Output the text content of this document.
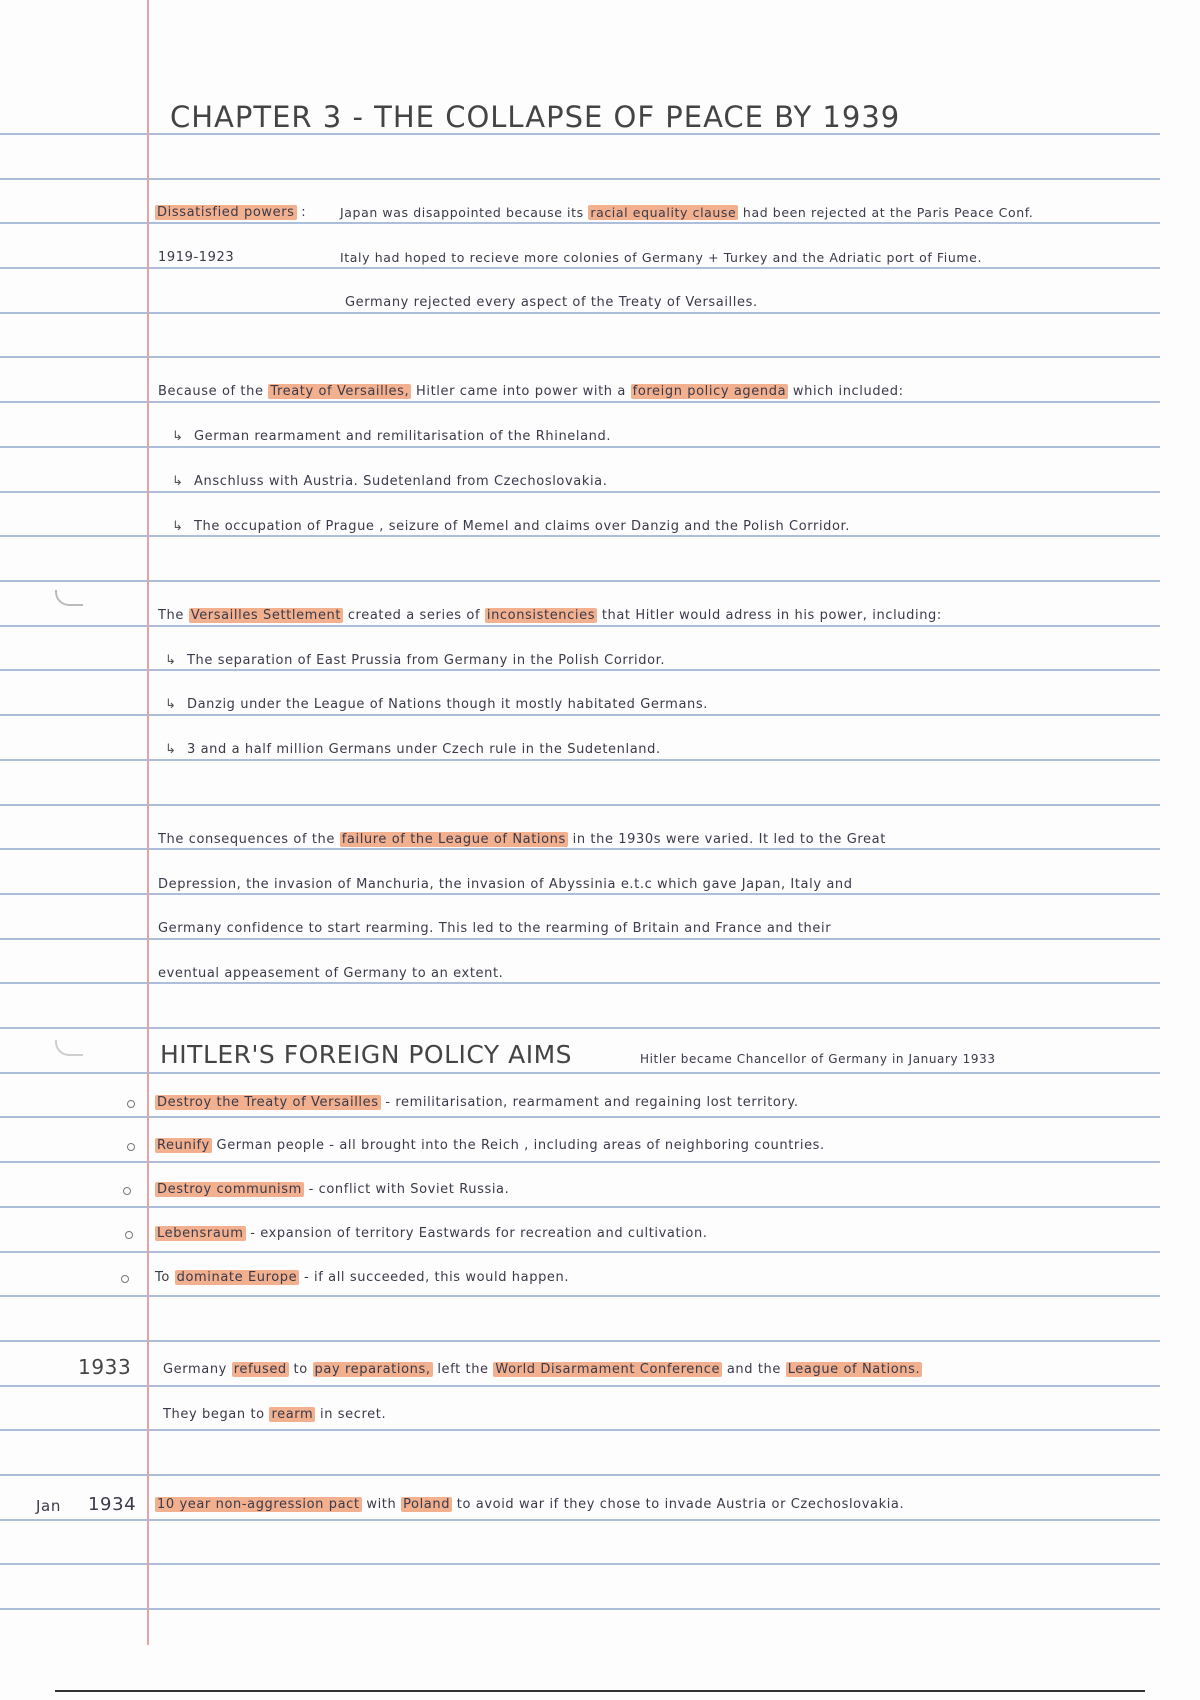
CHAPTER 3 - THE COLLAPSE OF PEACE BY 1939
Dissatisfied powers :
1919-1923
Japan was disappointed because its racial equality clause had been rejected at the Paris Peace Conf.
Italy had hoped to recieve more colonies of Germany + Turkey and the Adriatic port of Fiume.
Germany rejected every aspect of the Treaty of Versailles.
Because of the Treaty of Versailles, Hitler came into power with a foreign policy agenda which included:
↳ German rearmament and remilitarisation of the Rhineland.
↳ Anschluss with Austria. Sudetenland from Czechoslovakia.
↳ The occupation of Prague , seizure of Memel and claims over Danzig and the Polish Corridor.
The Versailles Settlement created a series of inconsistencies that Hitler would adress in his power, including:
↳ The separation of East Prussia from Germany in the Polish Corridor.
↳ Danzig under the League of Nations though it mostly habitated Germans.
↳ 3 and a half million Germans under Czech rule in the Sudetenland.
The consequences of the failure of the League of Nations in the 1930s were varied. It led to the Great
Depression, the invasion of Manchuria, the invasion of Abyssinia e.t.c which gave Japan, Italy and
Germany confidence to start rearming. This led to the rearming of Britain and France and their
eventual appeasement of Germany to an extent.
HITLER'S FOREIGN POLICY AIMS	Hitler became Chancellor of Germany in January 1933
Destroy the Treaty of Versailles - remilitarisation, rearmament and regaining lost territory.
Reunify German people - all brought into the Reich , including areas of neighboring countries.
Destroy communism - conflict with Soviet Russia.
Lebensraum - expansion of territory Eastwards for recreation and cultivation.
To dominate Europe - if all succeeded, this would happen.
1933 Germany refused to pay reparations, left the World Disarmament Conference and the League of Nations.
They began to rearm in secret.
Jan 1934 10 year non-aggression pact with Poland to avoid war if they chose to invade Austria or Czechoslovakia.
